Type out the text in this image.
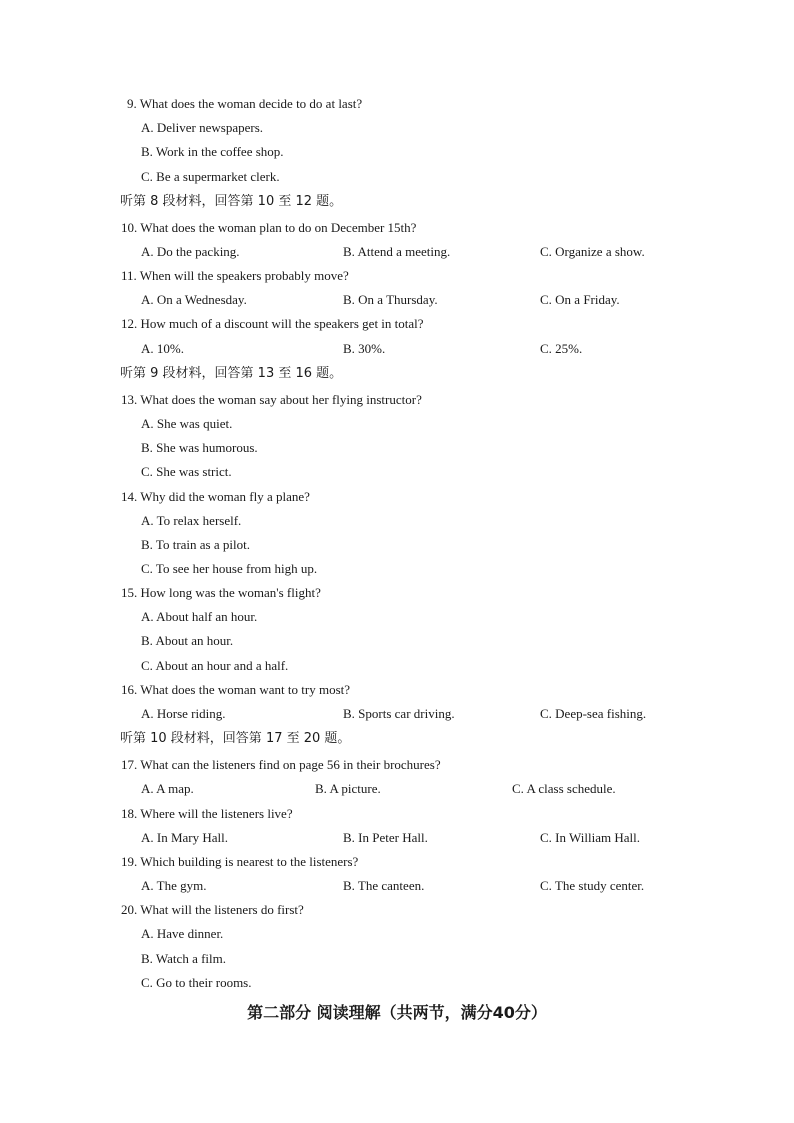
9. What does the woman decide to do at last?
A. Deliver newspapers.
B. Work in the coffee shop.
C. Be a supermarket clerk.
听第 8 段材料，回答第 10 至 12 题。
10. What does the woman plan to do on December 15th?
A. Do the packing.	B. Attend a meeting.	C. Organize a show.
11. When will the speakers probably move?
A. On a Wednesday.	B. On a Thursday.	C. On a Friday.
12. How much of a discount will the speakers get in total?
A. 10%.	B. 30%.	C. 25%.
听第 9 段材料，回答第 13 至 16 题。
13. What does the woman say about her flying instructor?
A. She was quiet.
B. She was humorous.
C. She was strict.
14. Why did the woman fly a plane?
A. To relax herself.
B. To train as a pilot.
C. To see her house from high up.
15. How long was the woman's flight?
A. About half an hour.
B. About an hour.
C. About an hour and a half.
16. What does the woman want to try most?
A. Horse riding.	B. Sports car driving.	C. Deep-sea fishing.
听第 10 段材料，回答第 17 至 20 题。
17. What can the listeners find on page 56 in their brochures?
A. A map.	B. A picture.	C. A class schedule.
18. Where will the listeners live?
A. In Mary Hall.	B. In Peter Hall.	C. In William Hall.
19. Which building is nearest to the listeners?
A. The gym.	B. The canteen.	C. The study center.
20. What will the listeners do first?
A. Have dinner.
B. Watch a film.
C. Go to their rooms.
第二部分 阅读理解（共两节，满分40分）
